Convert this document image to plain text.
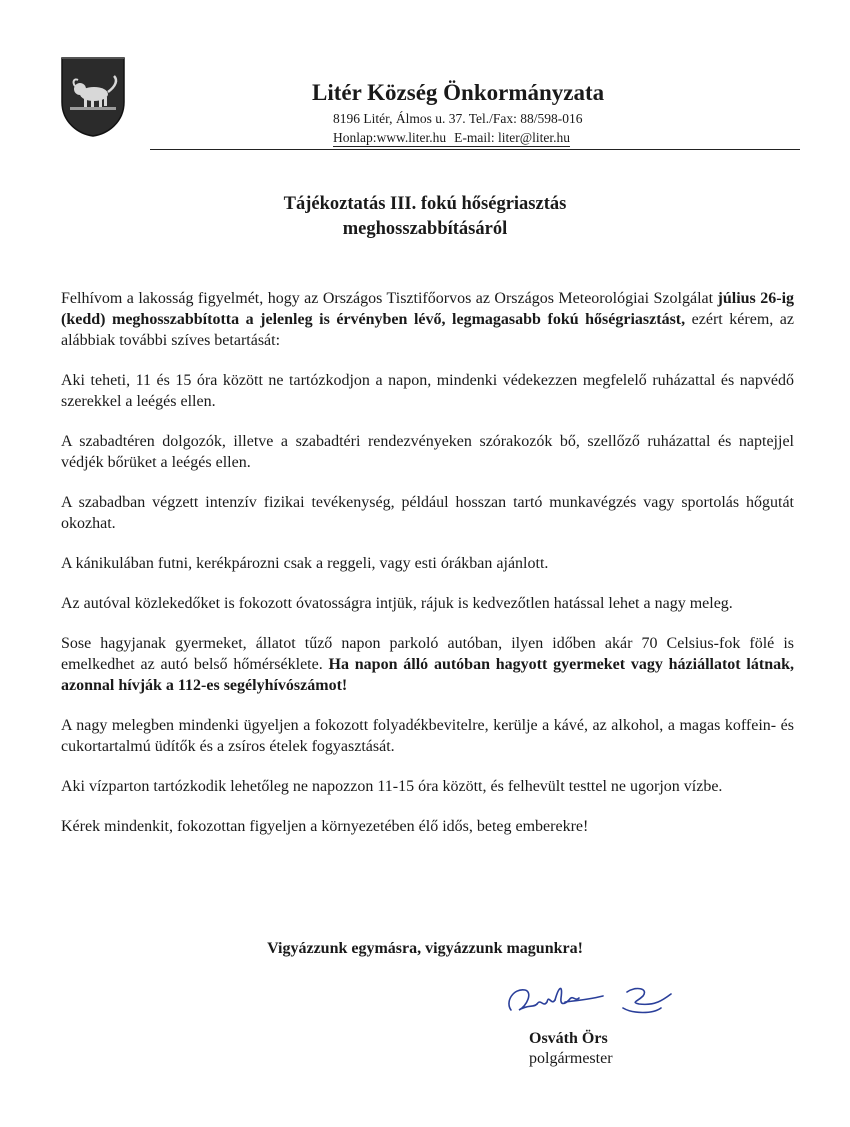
Litér Község Önkormányzata
8196 Litér, Álmos u. 37. Tel./Fax: 88/598-016
Honlap:www.liter.hu E-mail: liter@liter.hu
Tájékoztatás III. fokú hőségriasztás
meghosszabbításáról

Felhívom a lakosság figyelmét, hogy az Országos Tisztifőorvos az Országos Meteorológiai Szolgálat július 26-ig (kedd) meghosszabbította a jelenleg is érvényben lévő, legmagasabb fokú hőségriasztást, ezért kérem, az alábbiak további szíves betartását:

Aki teheti, 11 és 15 óra között ne tartózkodjon a napon, mindenki védekezzen megfelelő ruházattal és napvédő szerekkel a leégés ellen.

A szabadtéren dolgozók, illetve a szabadtéri rendezvényeken szórakozók bő, szellőző ruházattal és naptejjel védjék bőrüket a leégés ellen.

A szabadban végzett intenzív fizikai tevékenység, például hosszan tartó munkavégzés vagy sportolás hőgutát okozhat.

A kánikulában futni, kerékpározni csak a reggeli, vagy esti órákban ajánlott.

Az autóval közlekedőket is fokozott óvatosságra intjük, rájuk is kedvezőtlen hatással lehet a nagy meleg.

Sose hagyjanak gyermeket, állatot tűző napon parkoló autóban, ilyen időben akár 70 Celsius-fok fölé is emelkedhet az autó belső hőmérséklete. Ha napon álló autóban hagyott gyermeket vagy háziállatot látnak, azonnal hívják a 112-es segélyhívószámot!

A nagy melegben mindenki ügyeljen a fokozott folyadékbevitelre, kerülje a kávé, az alkohol, a magas koffein- és cukortartalmú üdítők és a zsíros ételek fogyasztását.

Aki vízparton tartózkodik lehetőleg ne napozzon 11-15 óra között, és felhevült testtel ne ugorjon vízbe.

Kérek mindenkit, fokozottan figyeljen a környezetében élő idős, beteg emberekre!

Vigyázzunk egymásra, vigyázzunk magunkra!
Osváth Örs
polgármester
